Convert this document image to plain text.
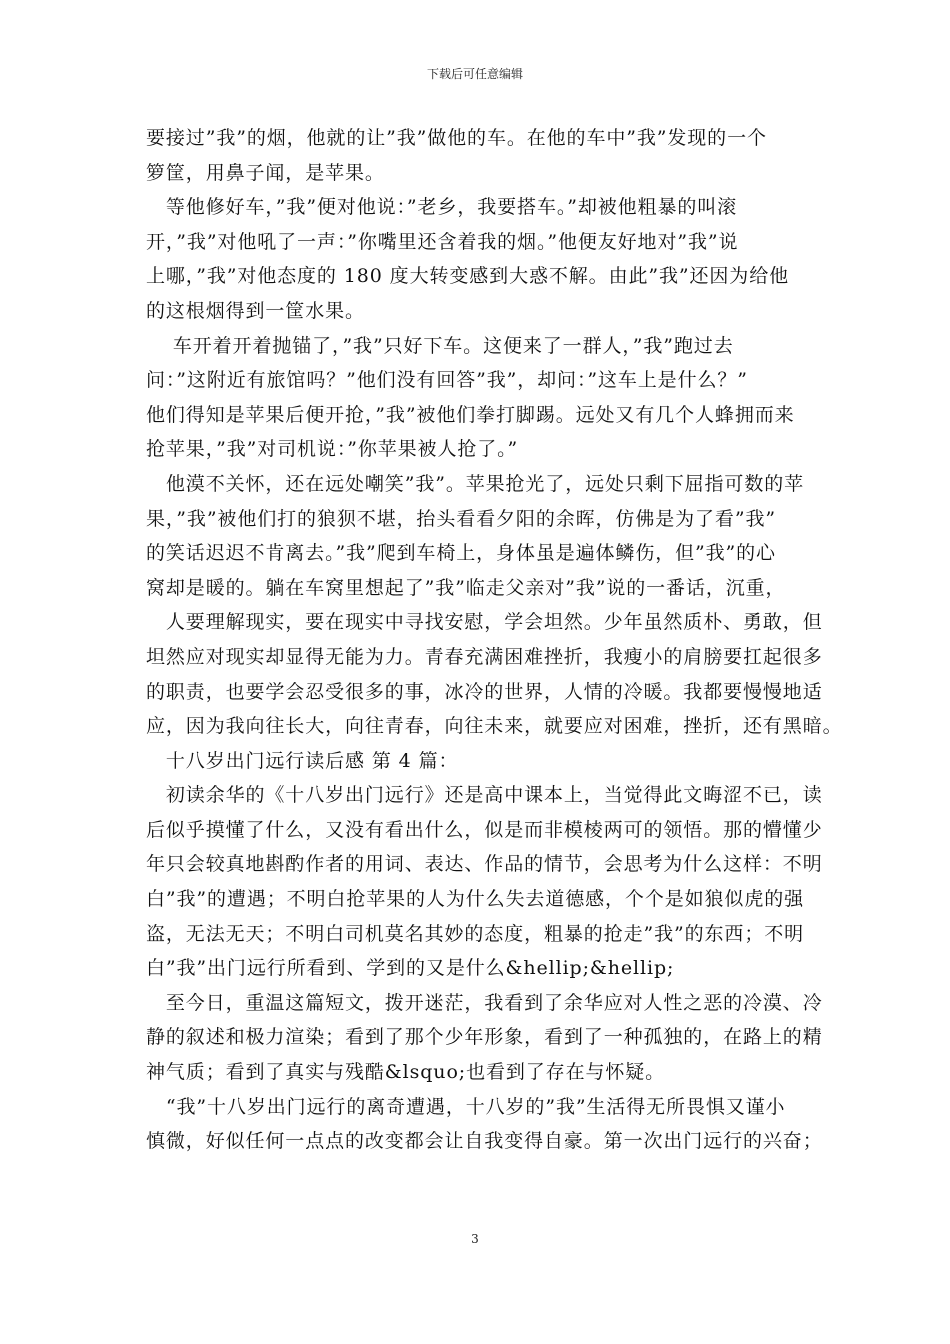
下载后可任意编辑
要接过”我”的烟，他就的让”我”做他的车。在他的车中”我”发现的一个
箩筐，用鼻子闻，是苹果。
　等他修好车，”我”便对他说：”老乡，我要搭车。”却被他粗暴的叫滚
开，”我”对他吼了一声：”你嘴里还含着我的烟。”他便友好地对”我”说
上哪，”我”对他态度的 180 度大转变感到大惑不解。由此”我”还因为给他
的这根烟得到一筐水果。
　 车开着开着抛锚了，”我”只好下车。这便来了一群人，”我”跑过去
问：”这附近有旅馆吗？”他们没有回答”我”，却问：”这车上是什么？”
他们得知是苹果后便开抢，”我”被他们拳打脚踢。远处又有几个人蜂拥而来
抢苹果，”我”对司机说：”你苹果被人抢了。”
　他漠不关怀，还在远处嘲笑”我”。苹果抢光了，远处只剩下屈指可数的苹
果，”我”被他们打的狼狈不堪，抬头看看夕阳的余晖，仿佛是为了看”我”
的笑话迟迟不肯离去。”我”爬到车椅上，身体虽是遍体鳞伤，但”我”的心
窝却是暖的。躺在车窝里想起了”我”临走父亲对”我”说的一番话，沉重，
　人要理解现实，要在现实中寻找安慰，学会坦然。少年虽然质朴、勇敢，但
坦然应对现实却显得无能为力。青春充满困难挫折，我瘦小的肩膀要扛起很多
的职责，也要学会忍受很多的事，冰冷的世界，人情的冷暖。我都要慢慢地适
应，因为我向往长大，向往青春，向往未来，就要应对困难，挫折，还有黑暗。
　十八岁出门远行读后感 第 4 篇：
　初读余华的《十八岁出门远行》还是高中课本上，当觉得此文晦涩不已，读
后似乎摸懂了什么，又没有看出什么，似是而非模棱两可的领悟。那的懵懂少
年只会较真地斟酌作者的用词、表达、作品的情节，会思考为什么这样：不明
白”我”的遭遇；不明白抢苹果的人为什么失去道德感，个个是如狼似虎的强
盗，无法无天；不明白司机莫名其妙的态度，粗暴的抢走”我”的东西；不明
白”我”出门远行所看到、学到的又是什么&hellip;&hellip;
　至今日，重温这篇短文，拨开迷茫，我看到了余华应对人性之恶的冷漠、冷
静的叙述和极力渲染；看到了那个少年形象，看到了一种孤独的，在路上的精
神气质；看到了真实与残酷&lsquo;也看到了存在与怀疑。
　“我”十八岁出门远行的离奇遭遇，十八岁的”我”生活得无所畏惧又谨小
慎微，好似任何一点点的改变都会让自我变得自豪。第一次出门远行的兴奋；
3
